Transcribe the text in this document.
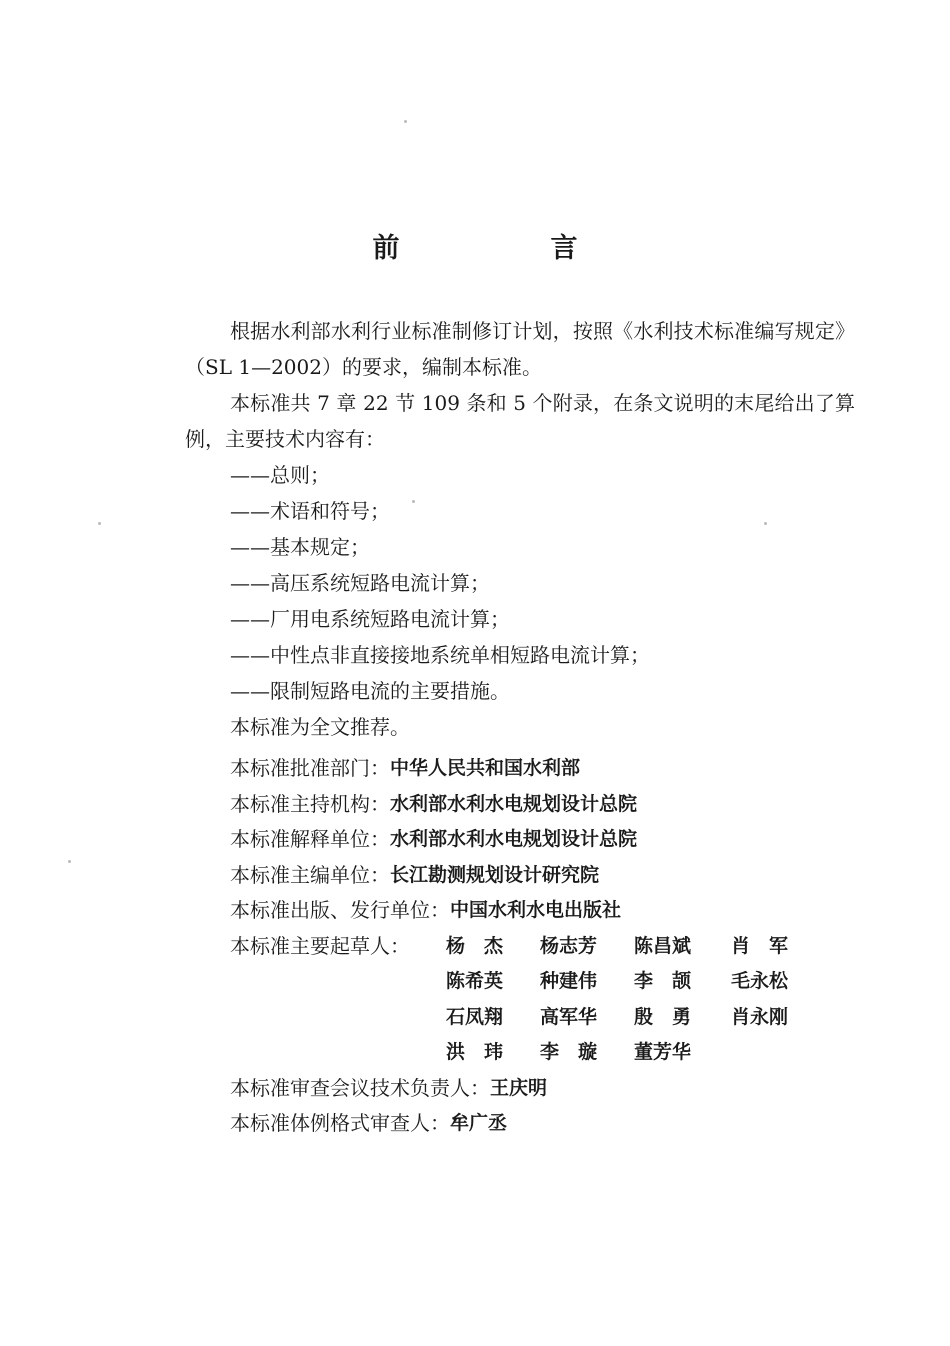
前　言

根据水利部水利行业标准制修订计划，按照《水利技术标准编写规定》（SL 1—2002）的要求，编制本标准。

本标准共 7 章 22 节 109 条和 5 个附录，在条文说明的末尾给出了算例，主要技术内容有：

——总则；

——术语和符号；

——基本规定；

——高压系统短路电流计算；

——厂用电系统短路电流计算；

——中性点非直接接地系统单相短路电流计算；

——限制短路电流的主要措施。

本标准为全文推荐。

本标准批准部门： 中华人民共和国水利部
本标准主持机构： 水利部水利水电规划设计总院
本标准解释单位： 水利部水利水电规划设计总院
本标准主编单位： 长江勘测规划设计研究院
本标准出版、发行单位： 中国水利水电出版社
本标准主要起草人：	杨　杰	杨志芳	陈昌斌	肖　军
陈希英	种建伟	李　颉	毛永松
石凤翔	高军华	殷　勇	肖永刚
洪　玮	李　璇	董芳华
本标准审查会议技术负责人： 王庆明
本标准体例格式审查人： 牟广丞
